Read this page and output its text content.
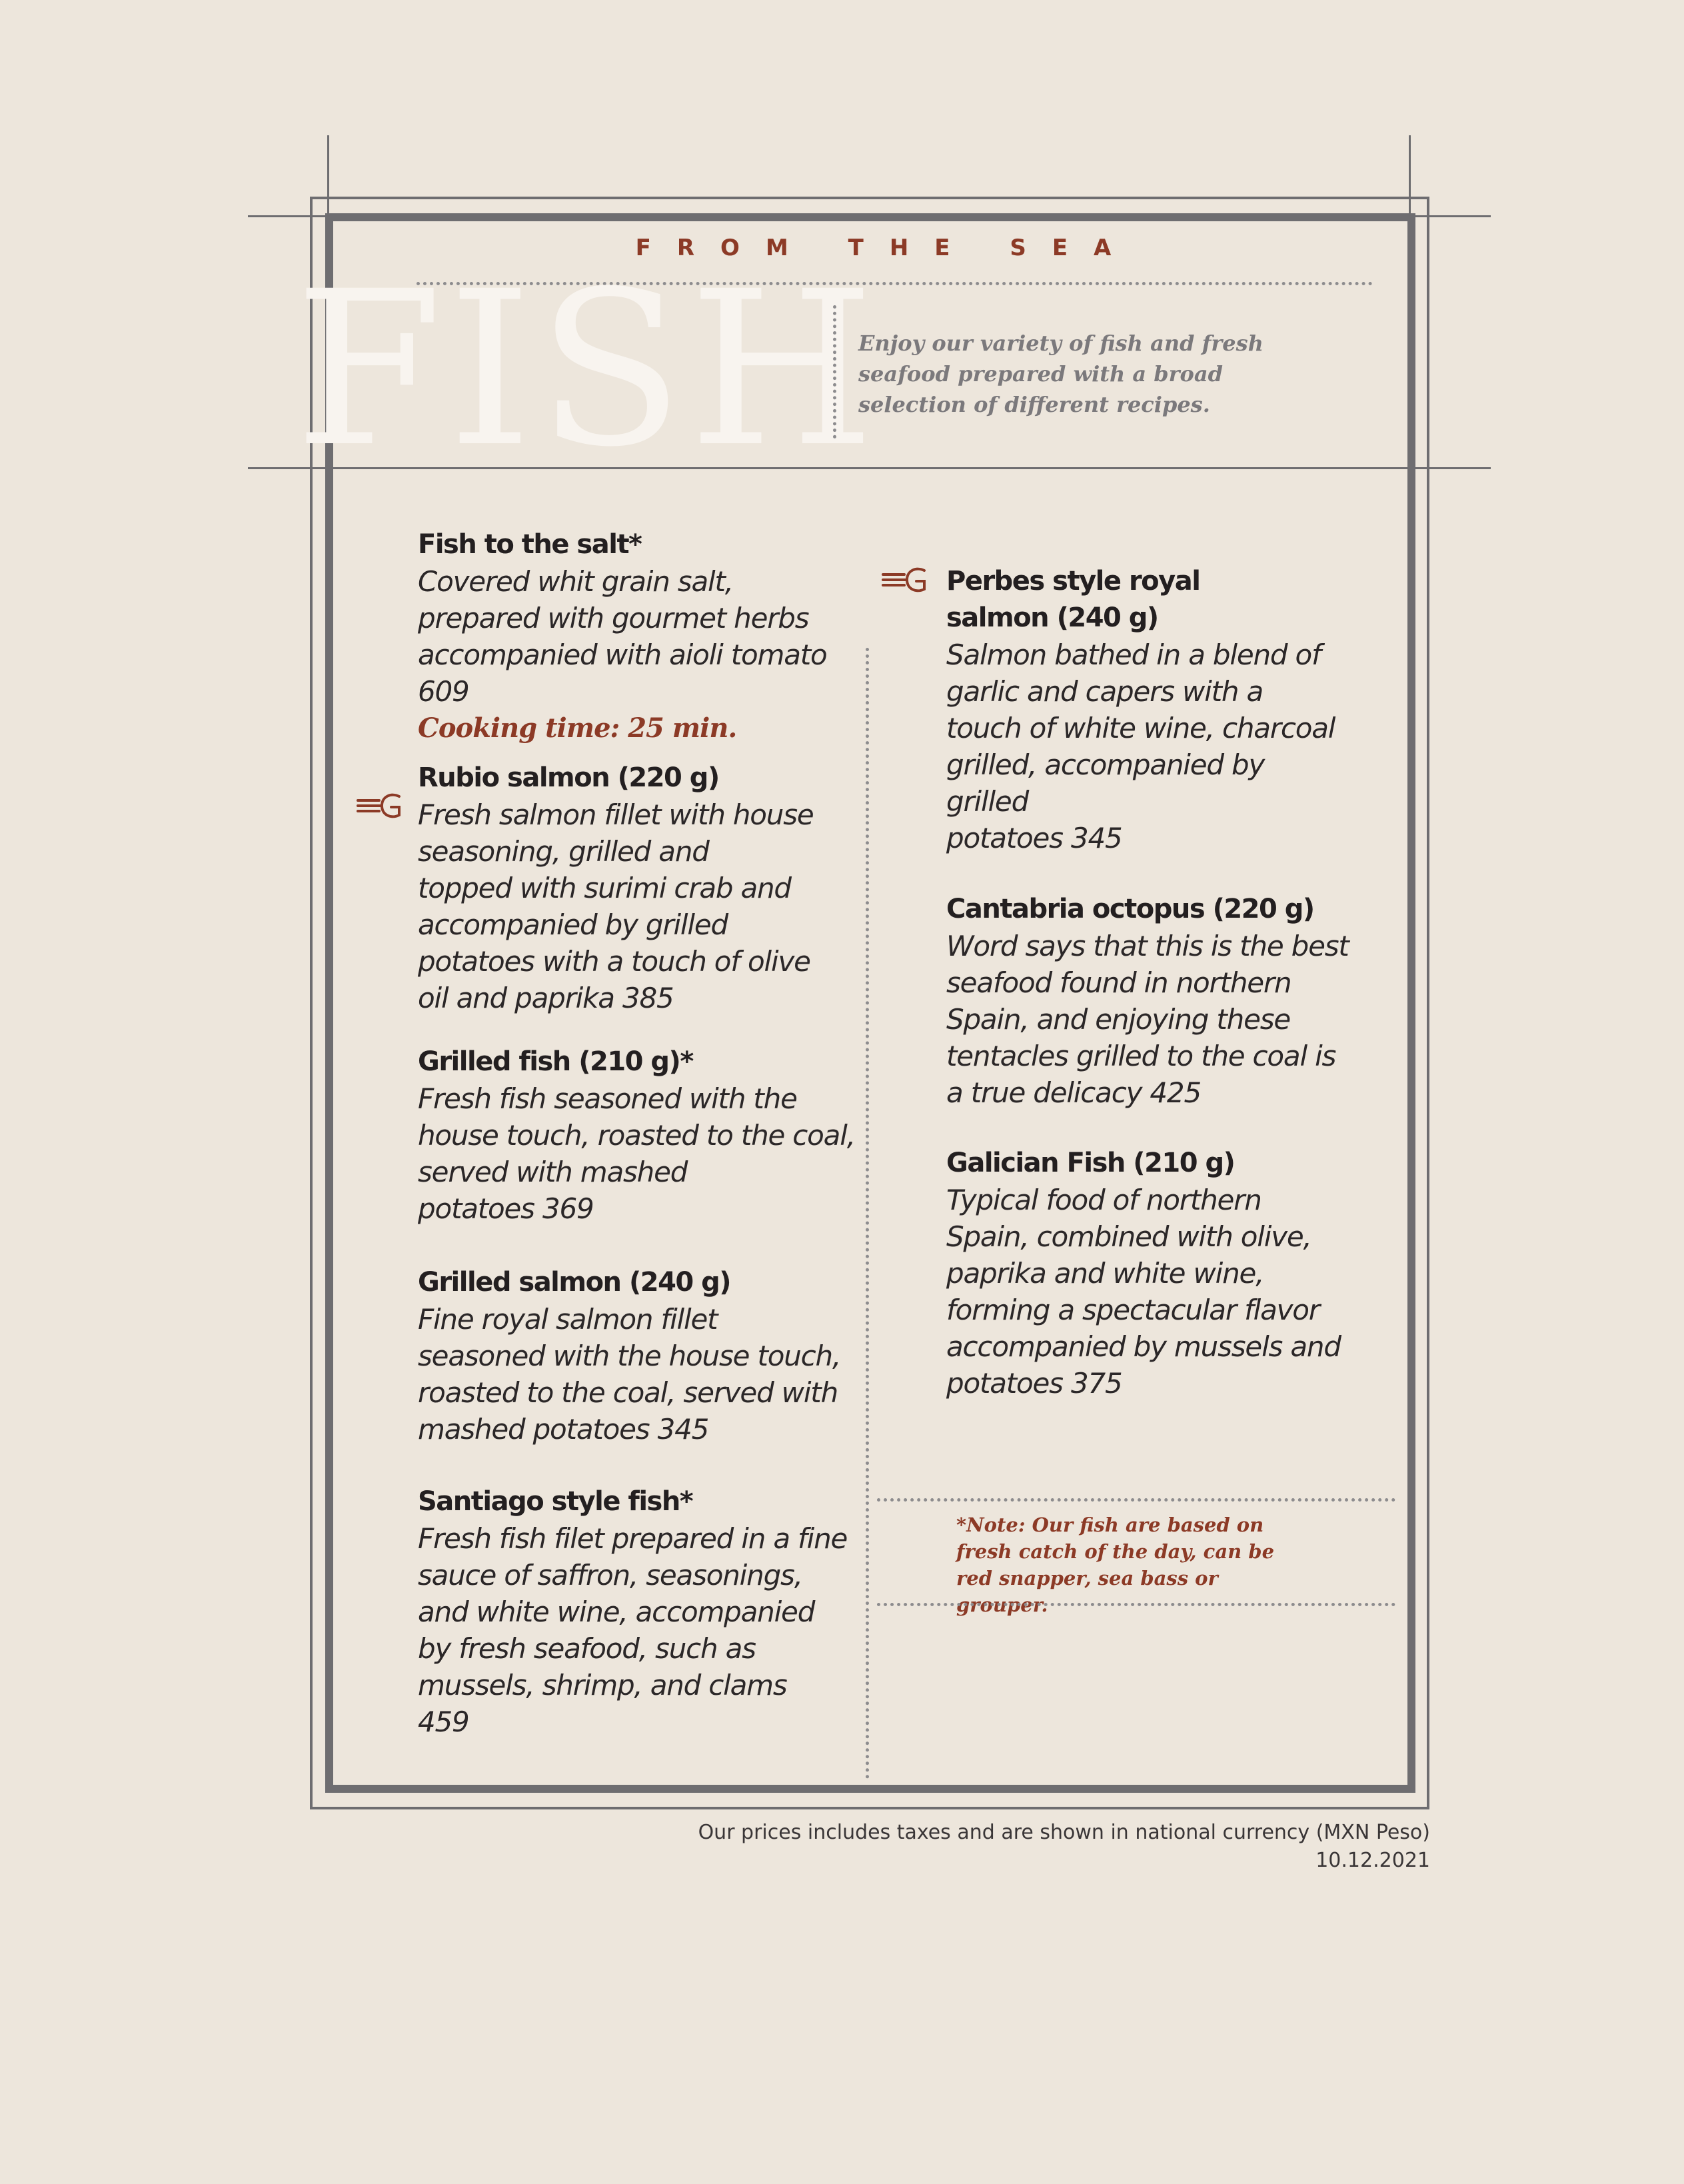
FROM THE SEA
FISH
Enjoy our variety of fish and fresh seafood prepared with a broad selection of different recipes.
Fish to the salt*
Covered whit grain salt,
prepared with gourmet herbs
accompanied with aioli tomato
609
Cooking time: 25 min.
Rubio salmon (220 g)
Fresh salmon fillet with house
seasoning, grilled and
topped with surimi crab and
accompanied by grilled
potatoes with a touch of olive
oil and paprika 385
Grilled fish (210 g)*
Fresh fish seasoned with the
house touch, roasted to the coal,
served with mashed
potatoes 369
Grilled salmon (240 g)
Fine royal salmon fillet
seasoned with the house touch,
roasted to the coal, served with
mashed potatoes 345
Santiago style fish*
Fresh fish filet prepared in a fine
sauce of saffron, seasonings,
and white wine, accompanied
by fresh seafood, such as
mussels, shrimp, and clams
459
Perbes style royal
salmon (240 g)
Salmon bathed in a blend of
garlic and capers with a
touch of white wine, charcoal
grilled, accompanied by
grilled
potatoes 345
Cantabria octopus (220 g)
Word says that this is the best
seafood found in northern
Spain, and enjoying these
tentacles grilled to the coal is
a true delicacy 425
Galician Fish (210 g)
Typical food of northern
Spain, combined with olive,
paprika and white wine,
forming a spectacular flavor
accompanied by mussels and
potatoes 375
*Note: Our fish are based on fresh catch of the day, can be red snapper, sea bass or grouper.
Our prices includes taxes and are shown in national currency (MXN Peso)
10.12.2021
